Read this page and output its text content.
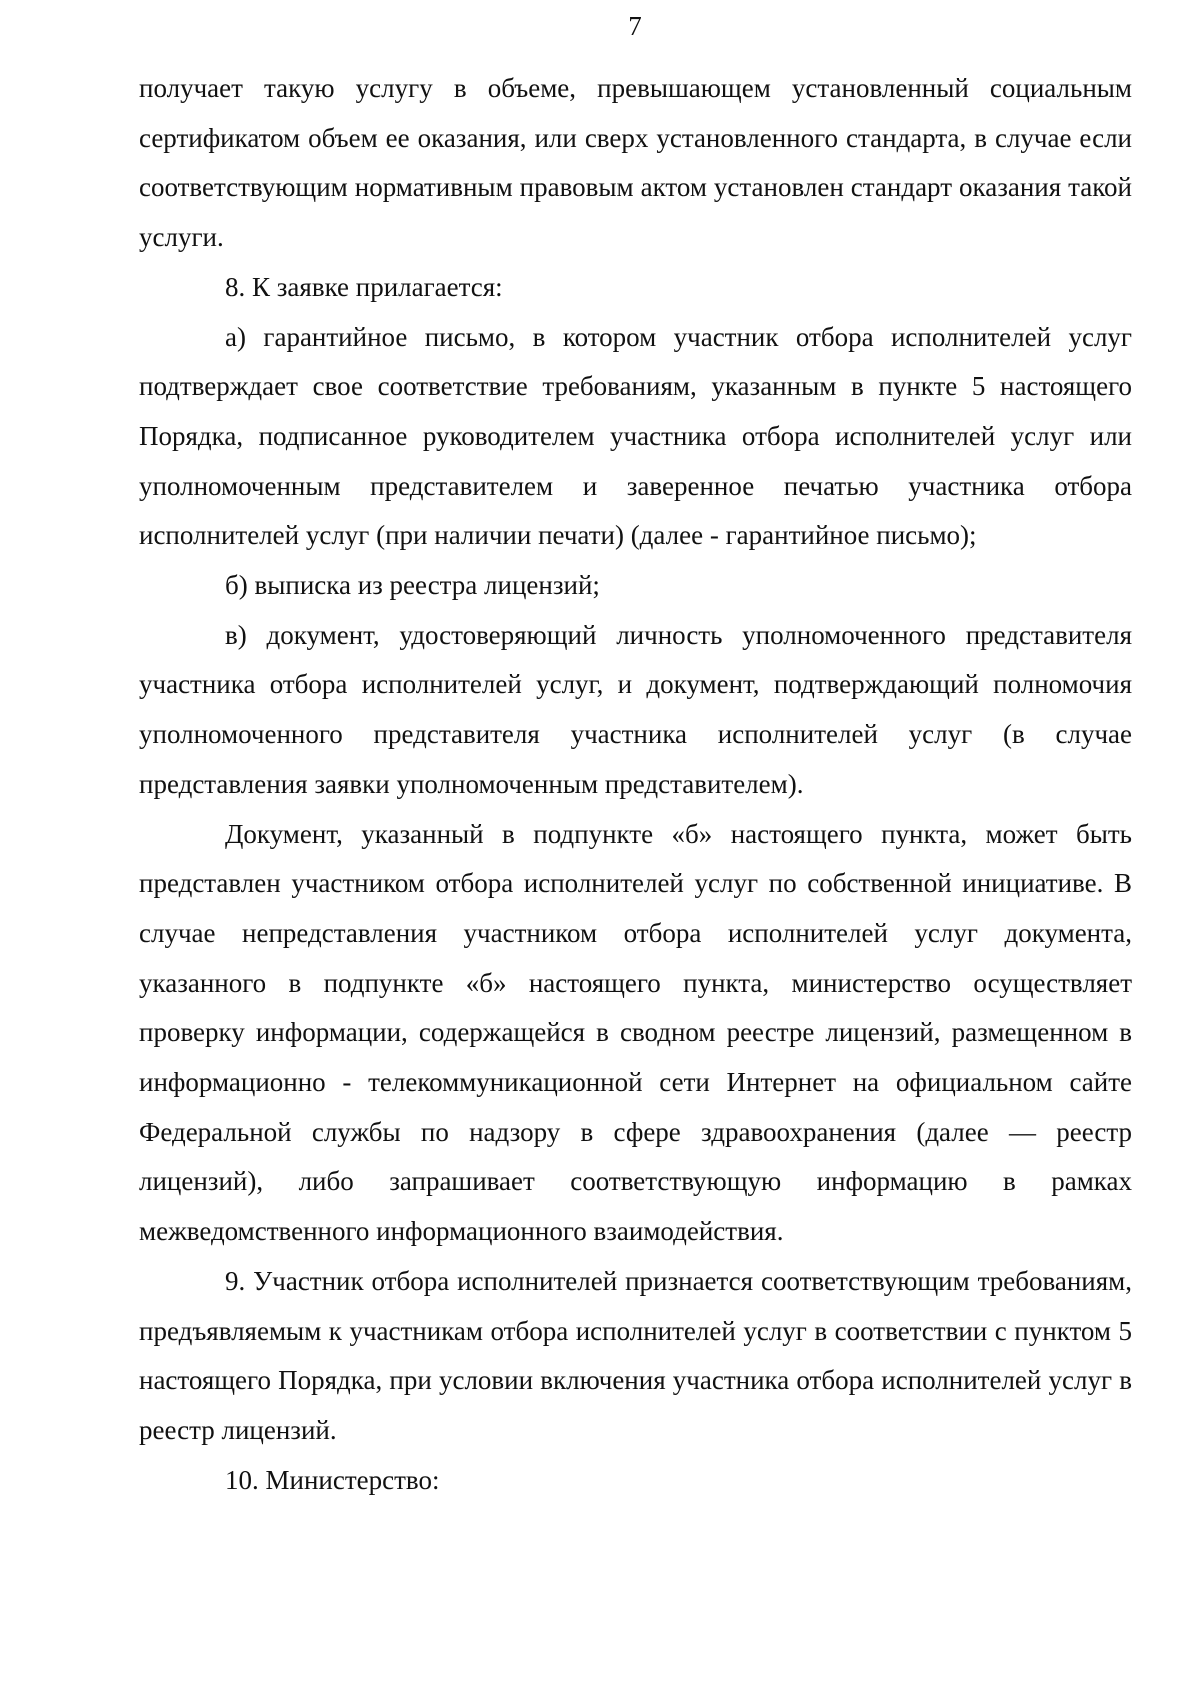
7

получает такую услугу в объеме, превышающем установленный социальным сертификатом объем ее оказания, или сверх установленного стандарта, в случае если соответствующим нормативным правовым актом установлен стандарт оказания такой услуги.

8. К заявке прилагается:

а) гарантийное письмо, в котором участник отбора исполнителей услуг подтверждает свое соответствие требованиям, указанным в пункте 5 настоящего Порядка, подписанное руководителем участника отбора исполнителей услуг или уполномоченным представителем и заверенное печатью участника отбора исполнителей услуг (при наличии печати) (далее - гарантийное письмо);

б) выписка из реестра лицензий;

в) документ, удостоверяющий личность уполномоченного представителя участника отбора исполнителей услуг, и документ, подтверждающий полномочия уполномоченного представителя участника исполнителей услуг (в случае представления заявки уполномоченным представителем).

Документ, указанный в подпункте «б» настоящего пункта, может быть представлен участником отбора исполнителей услуг по собственной инициативе. В случае непредставления участником отбора исполнителей услуг документа, указанного в подпункте «б» настоящего пункта, министерство осуществляет проверку информации, содержащейся в сводном реестре лицензий, размещенном в информационно - телекоммуникационной сети Интернет на официальном сайте Федеральной службы по надзору в сфере здравоохранения (далее — реестр лицензий), либо запрашивает соответствующую информацию в рамках межведомственного информационного взаимодействия.

9. Участник отбора исполнителей признается соответствующим требованиям, предъявляемым к участникам отбора исполнителей услуг в соответствии с пунктом 5 настоящего Порядка, при условии включения участника отбора исполнителей услуг в реестр лицензий.

10. Министерство:
